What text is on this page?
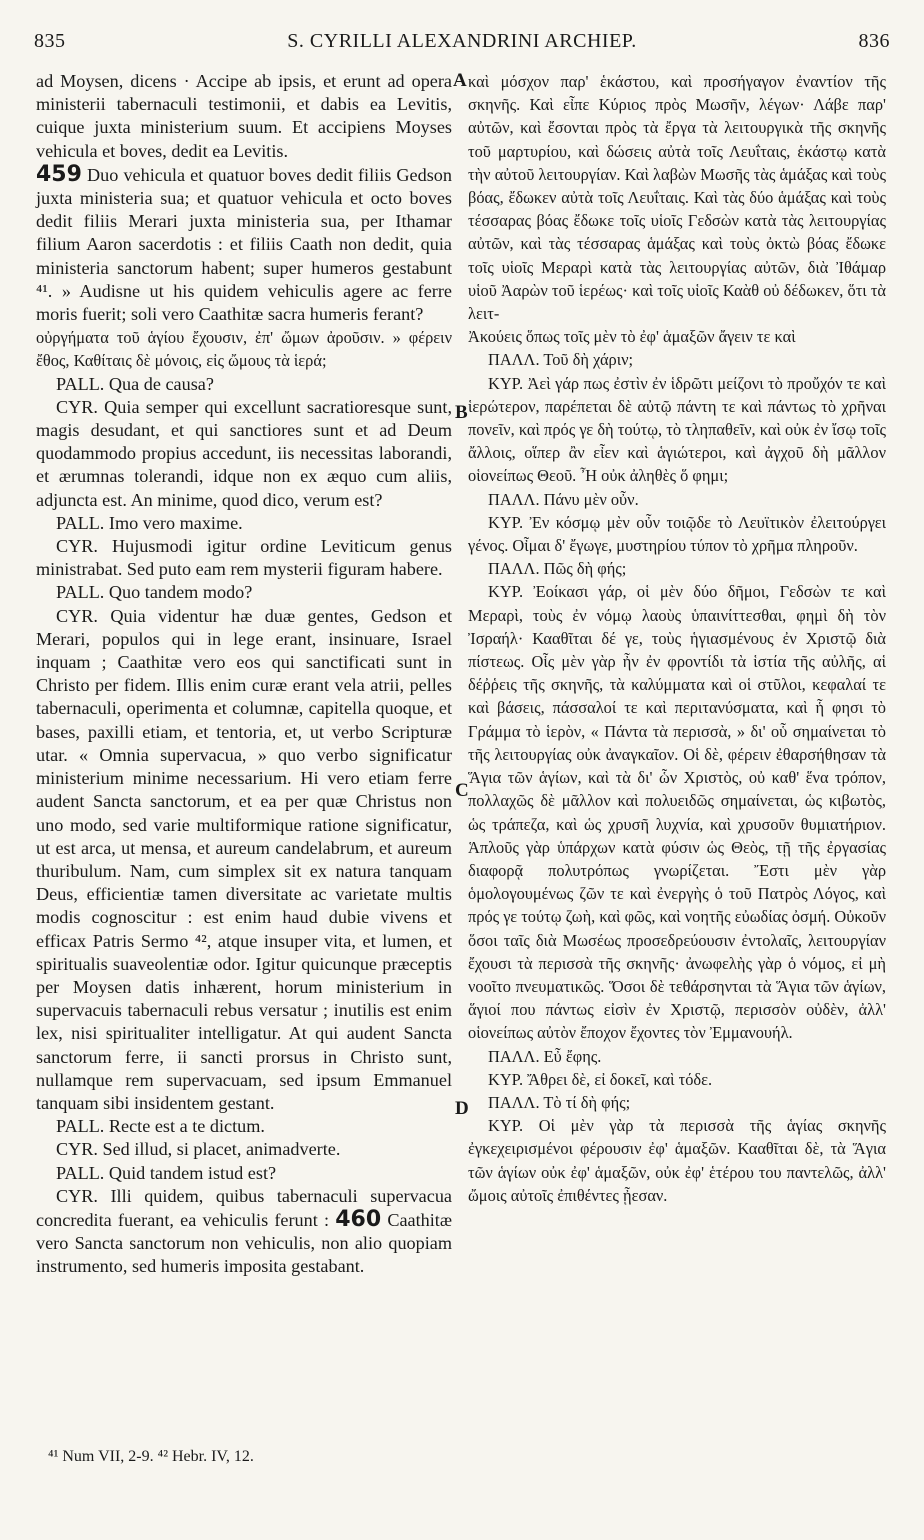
835	S. CYRILLI ALEXANDRINI ARCHIEP.	836
A
B
C
D

ad Moysen, dicens · Accipe ab ipsis, et erunt ad opera ministerii tabernaculi testimonii, et dabis ea Levitis, cuique juxta ministerium suum. Et accipiens Moyses vehicula et boves, dedit ea Levitis.

459 Duo vehicula et quatuor boves dedit filiis Gedson juxta ministeria sua; et quatuor vehicula et octo boves dedit filiis Merari juxta ministeria sua, per Ithamar filium Aaron sacerdotis : et filiis Caath non dedit, quia ministeria sanctorum habent; super humeros gestabunt ⁴¹. » Audisne ut his quidem vehiculis agere ac ferre moris fuerit; soli vero Caathitæ sacra humeris ferant?

οὐργήματα τοῦ ἁγίου ἔχουσιν, ἐπ' ὤμων ἀροῦσιν. » φέρειν ἔθος, Καθίταις δὲ μόνοις, εἰς ὤμους τὰ ἱερά;

PALL. Qua de causa?

CYR. Quia semper qui excellunt sacratioresque sunt, magis desudant, et qui sanctiores sunt et ad Deum quodammodo propius accedunt, iis necessitas laborandi, et ærumnas tolerandi, idque non ex æquo cum aliis, adjuncta est. An minime, quod dico, verum est?

PALL. Imo vero maxime.

CYR. Hujusmodi igitur ordine Leviticum genus ministrabat. Sed puto eam rem mysterii figuram habere.

PALL. Quo tandem modo?

CYR. Quia videntur hæ duæ gentes, Gedson et Merari, populos qui in lege erant, insinuare, Israel inquam ; Caathitæ vero eos qui sanctificati sunt in Christo per fidem. Illis enim curæ erant vela atrii, pelles tabernaculi, operimenta et columnæ, capitella quoque, et bases, paxilli etiam, et tentoria, et, ut verbo Scripturæ utar. « Omnia supervacua, » quo verbo significatur ministerium minime necessarium. Hi vero etiam ferre audent Sancta sanctorum, et ea per quæ Christus non uno modo, sed varie multiformique ratione significatur, ut est arca, ut mensa, et aureum candelabrum, et aureum thuribulum. Nam, cum simplex sit ex natura tanquam Deus, efficientiæ tamen diversitate ac varietate multis modis cognoscitur : est enim haud dubie vivens et efficax Patris Sermo ⁴², atque insuper vita, et lumen, et spiritualis suaveolentiæ odor. Igitur quicunque præceptis per Moysen datis inhærent, horum ministerium in supervacuis tabernaculi rebus versatur ; inutilis est enim lex, nisi spiritualiter intelligatur. At qui audent Sancta sanctorum ferre, ii sancti prorsus in Christo sunt, nullamque rem supervacuam, sed ipsum Emmanuel tanquam sibi insidentem gestant.

PALL. Recte est a te dictum.

CYR. Sed illud, si placet, animadverte.

PALL. Quid tandem istud est?

CYR. Illi quidem, quibus tabernaculi supervacua concredita fuerant, ea vehiculis ferunt : 460 Caathitæ vero Sancta sanctorum non vehiculis, non alio quopiam instrumento, sed humeris imposita gestabant.

καὶ μόσχον παρ' ἑκάστου, καὶ προσήγαγον ἐναντίον τῆς σκηνῆς. Καὶ εἶπε Κύριος πρὸς Μωσῆν, λέγων· Λάβε παρ' αὐτῶν, καὶ ἔσονται πρὸς τὰ ἔργα τὰ λειτουργικὰ τῆς σκηνῆς τοῦ μαρτυρίου, καὶ δώσεις αὐτὰ τοῖς Λευΐταις, ἑκάστῳ κατὰ τὴν αὐτοῦ λειτουργίαν. Καὶ λαβὼν Μωσῆς τὰς ἁμάξας καὶ τοὺς βόας, ἔδωκεν αὐτὰ τοῖς Λευΐταις. Καὶ τὰς δύο ἁμάξας καὶ τοὺς τέσσαρας βόας ἔδωκε τοῖς υἱοῖς Γεδσὼν κατὰ τὰς λειτουργίας αὐτῶν, καὶ τὰς τέσσαρας ἁμάξας καὶ τοὺς ὀκτὼ βόας ἔδωκε τοῖς υἱοῖς Μεραρὶ κατὰ τὰς λειτουργίας αὐτῶν, διὰ Ἰθάμαρ υἱοῦ Ἀαρὼν τοῦ ἱερέως· καὶ τοῖς υἱοῖς Καὰθ οὐ δέδωκεν, ὅτι τὰ λειτ-

Ἀκούεις ὅπως τοῖς μὲν τὸ ἐφ' ἁμαξῶν ἄγειν τε καὶ

ΠΑΛΛ. Τοῦ δὴ χάριν;

ΚΥΡ. Ἀεὶ γάρ πως ἐστὶν ἐν ἱδρῶτι μείζονι τὸ προὔχόν τε καὶ ἱερώτερον, παρέπεται δὲ αὐτῷ πάντη τε καὶ πάντως τὸ χρῆναι πονεῖν, καὶ πρός γε δὴ τούτῳ, τὸ τληπαθεῖν, καὶ οὐκ ἐν ἴσῳ τοῖς ἄλλοις, οἵπερ ἂν εἶεν καὶ ἁγιώτεροι, καὶ ἀγχοῦ δὴ μᾶλλον οἱονείπως Θεοῦ. Ἦ οὐκ ἀληθὲς ὅ φημι;

ΠΑΛΛ. Πάνυ μὲν οὖν.

ΚΥΡ. Ἐν κόσμῳ μὲν οὖν τοιῷδε τὸ Λευϊτικὸν ἐλειτούργει γένος. Οἶμαι δ' ἔγωγε, μυστηρίου τύπον τὸ χρῆμα πληροῦν.

ΠΑΛΛ. Πῶς δὴ φής;

ΚΥΡ. Ἐοίκασι γάρ, οἱ μὲν δύο δῆμοι, Γεδσὼν τε καὶ Μεραρὶ, τοὺς ἐν νόμῳ λαοὺς ὑπαινίττεσθαι, φημὶ δὴ τὸν Ἰσραήλ· Κααθῖται δέ γε, τοὺς ἡγιασμένους ἐν Χριστῷ διὰ πίστεως. Οἷς μὲν γὰρ ἦν ἐν φροντίδι τὰ ἱστία τῆς αὐλῆς, αἱ δέῤῥεις τῆς σκηνῆς, τὰ καλύμματα καὶ οἱ στῦλοι, κεφαλαί τε καὶ βάσεις, πάσσαλοί τε καὶ περιτανύσματα, καὶ ἧ φησι τὸ Γράμμα τὸ ἱερὸν, « Πάντα τὰ περισσὰ, » δι' οὗ σημαίνεται τὸ τῆς λειτουργίας οὐκ ἀναγκαῖον. Οἱ δὲ, φέρειν ἐθαρσήθησαν τὰ Ἅγια τῶν ἁγίων, καὶ τὰ δι' ὧν Χριστὸς, οὐ καθ' ἕνα τρόπον, πολλαχῶς δὲ μᾶλλον καὶ πολυειδῶς σημαίνεται, ὡς κιβωτὸς, ὡς τράπεζα, καὶ ὡς χρυσῆ λυχνία, καὶ χρυσοῦν θυμιατήριον. Ἁπλοῦς γὰρ ὑπάρχων κατὰ φύσιν ὡς Θεὸς, τῇ τῆς ἐργασίας διαφορᾷ πολυτρόπως γνωρίζεται. Ἔστι μὲν γὰρ ὁμολογουμένως ζῶν τε καὶ ἐνεργὴς ὁ τοῦ Πατρὸς Λόγος, καὶ πρός γε τούτῳ ζωὴ, καὶ φῶς, καὶ νοητῆς εὐωδίας ὀσμή. Οὐκοῦν ὅσοι ταῖς διὰ Μωσέως προσεδρεύουσιν ἐντολαῖς, λειτουργίαν ἔχουσι τὰ περισσὰ τῆς σκηνῆς· ἀνωφελὴς γὰρ ὁ νόμος, εἰ μὴ νοοῖτο πνευματικῶς. Ὅσοι δὲ τεθάρσηνται τὰ Ἅγια τῶν ἁγίων, ἅγιοί που πάντως εἰσὶν ἐν Χριστῷ, περισσὸν οὐδὲν, ἀλλ' οἱονείπως αὐτὸν ἔποχον ἔχοντες τὸν Ἐμμανουήλ.

ΠΑΛΛ. Εὖ ἔφης.

ΚΥΡ. Ἄθρει δὲ, εἰ δοκεῖ, καὶ τόδε.

ΠΑΛΛ. Τὸ τί δὴ φής;

ΚΥΡ. Οἱ μὲν γὰρ τὰ περισσὰ τῆς ἁγίας σκηνῆς ἐγκεχειρισμένοι φέρουσιν ἐφ' ἁμαξῶν. Κααθῖται δὲ, τὰ Ἅγια τῶν ἁγίων οὐκ ἐφ' ἁμαξῶν, οὐκ ἐφ' ἑτέρου του παντελῶς, ἀλλ' ὤμοις αὐτοῖς ἐπιθέντες ᾖεσαν.

⁴¹ Num VII, 2-9. ⁴² Hebr. IV, 12.
